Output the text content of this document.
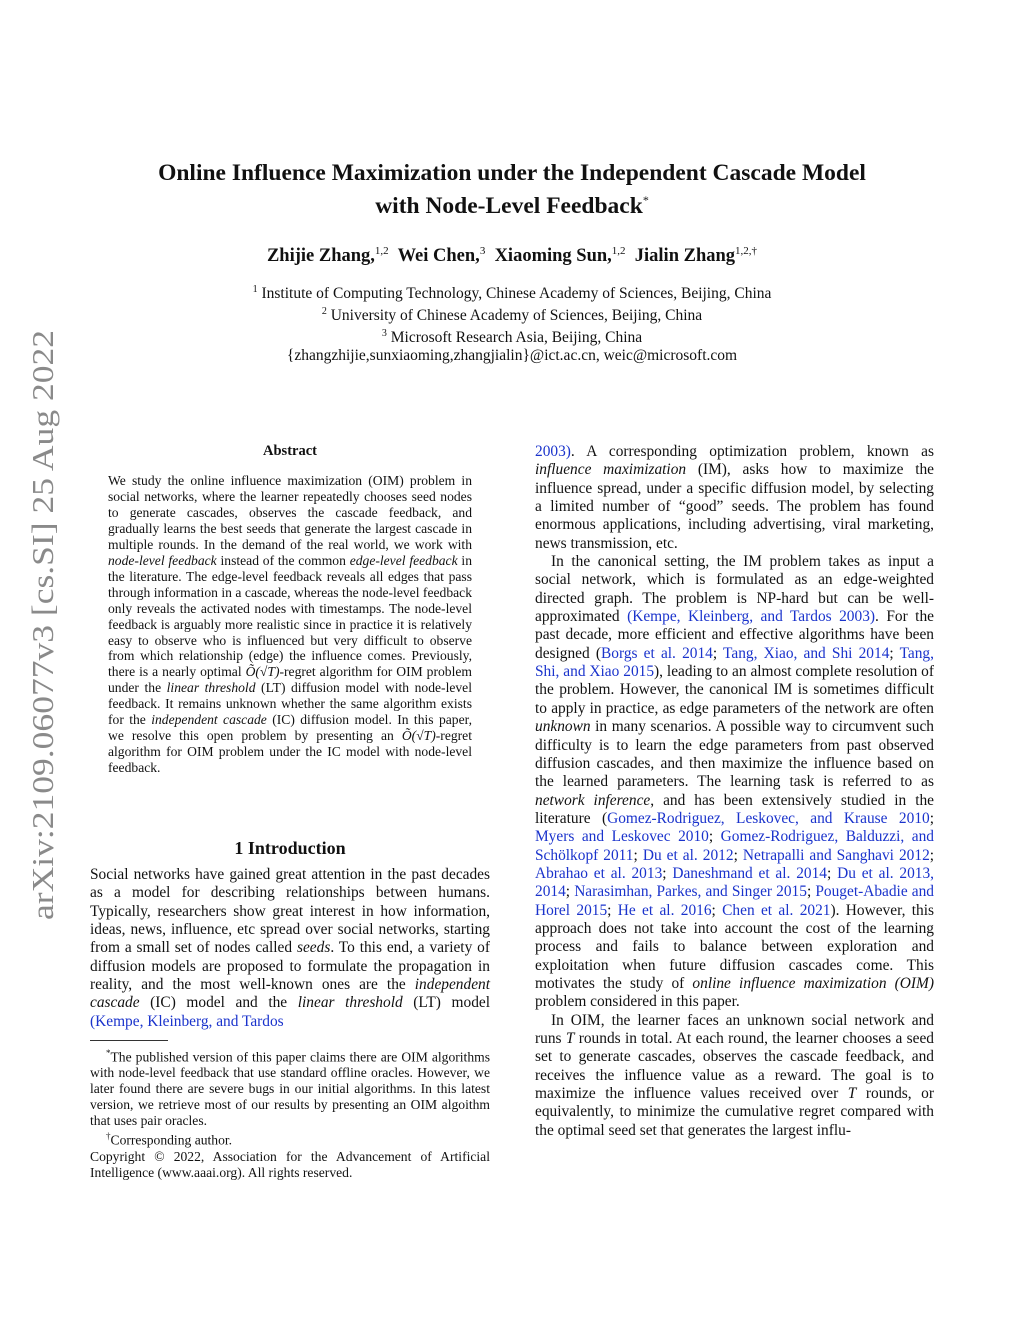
arXiv:2109.06077v3 [cs.SI] 25 Aug 2022
Online Influence Maximization under the Independent Cascade Model
with Node-Level Feedback*
Zhijie Zhang,$^{1,2}$ Wei Chen,$^3$ Xiaoming Sun,$^{1,2}$ Jialin Zhang$^{1,2,\dagger}$
$^1$ Institute of Computing Technology, Chinese Academy of Sciences, Beijing, China
$^2$ University of Chinese Academy of Sciences, Beijing, China
$^3$ Microsoft Research Asia, Beijing, China
{zhangzhijie,sunxiaoming,zhangjialin}@ict.ac.cn, weic@microsoft.com
Abstract
We study the online influence maximization (OIM) problem in social networks, where the learner repeatedly chooses seed nodes to generate cascades, observes the cascade feedback, and gradually learns the best seeds that generate the largest cascade in multiple rounds. In the demand of the real world, we work with node-level feedback instead of the common edge-level feedback in the literature. The edge-level feedback reveals all edges that pass through information in a cascade, whereas the node-level feedback only reveals the activated nodes with timestamps. The node-level feedback is arguably more realistic since in practice it is relatively easy to observe who is influenced but very difficult to observe from which relationship (edge) the influence comes. Previously, there is a nearly optimal Õ(√T)-regret algorithm for OIM problem under the linear threshold (LT) diffusion model with node-level feedback. It remains unknown whether the same algorithm exists for the independent cascade (IC) diffusion model. In this paper, we resolve this open problem by presenting an Õ(√T)-regret algorithm for OIM problem under the IC model with node-level feedback.
1 Introduction

Social networks have gained great attention in the past decades as a model for describing relationships between humans. Typically, researchers show great interest in how information, ideas, news, influence, etc spread over social networks, starting from a small set of nodes called seeds. To this end, a variety of diffusion models are proposed to formulate the propagation in reality, and the most well-known ones are the independent cascade (IC) model and the linear threshold (LT) model (Kempe, Kleinberg, and Tardos

*The published version of this paper claims there are OIM algorithms with node-level feedback that use standard offline oracles. However, we later found there are severe bugs in our initial algorithms. In this latest version, we retrieve most of our results by presenting an OIM algoithm that uses pair oracles.

†Corresponding author.

Copyright © 2022, Association for the Advancement of Artificial Intelligence (www.aaai.org). All rights reserved.

2003). A corresponding optimization problem, known as influence maximization (IM), asks how to maximize the influence spread, under a specific diffusion model, by selecting a limited number of “good” seeds. The problem has found enormous applications, including advertising, viral marketing, news transmission, etc.

In the canonical setting, the IM problem takes as input a social network, which is formulated as an edge-weighted directed graph. The problem is NP-hard but can be well-approximated (Kempe, Kleinberg, and Tardos 2003). For the past decade, more efficient and effective algorithms have been designed (Borgs et al. 2014; Tang, Xiao, and Shi 2014; Tang, Shi, and Xiao 2015), leading to an almost complete resolution of the problem. However, the canonical IM is sometimes difficult to apply in practice, as edge parameters of the network are often unknown in many scenarios. A possible way to circumvent such difficulty is to learn the edge parameters from past observed diffusion cascades, and then maximize the influence based on the learned parameters. The learning task is referred to as network inference, and has been extensively studied in the literature (Gomez-Rodriguez, Leskovec, and Krause 2010; Myers and Leskovec 2010; Gomez-Rodriguez, Balduzzi, and Schölkopf 2011; Du et al. 2012; Netrapalli and Sanghavi 2012; Abrahao et al. 2013; Daneshmand et al. 2014; Du et al. 2013, 2014; Narasimhan, Parkes, and Singer 2015; Pouget-Abadie and Horel 2015; He et al. 2016; Chen et al. 2021). However, this approach does not take into account the cost of the learning process and fails to balance between exploration and exploitation when future diffusion cascades come. This motivates the study of online influence maximization (OIM) problem considered in this paper.

In OIM, the learner faces an unknown social network and runs T rounds in total. At each round, the learner chooses a seed set to generate cascades, observes the cascade feedback, and receives the influence value as a reward. The goal is to maximize the influence values received over T rounds, or equivalently, to minimize the cumulative regret compared with the optimal seed set that generates the largest influ-
